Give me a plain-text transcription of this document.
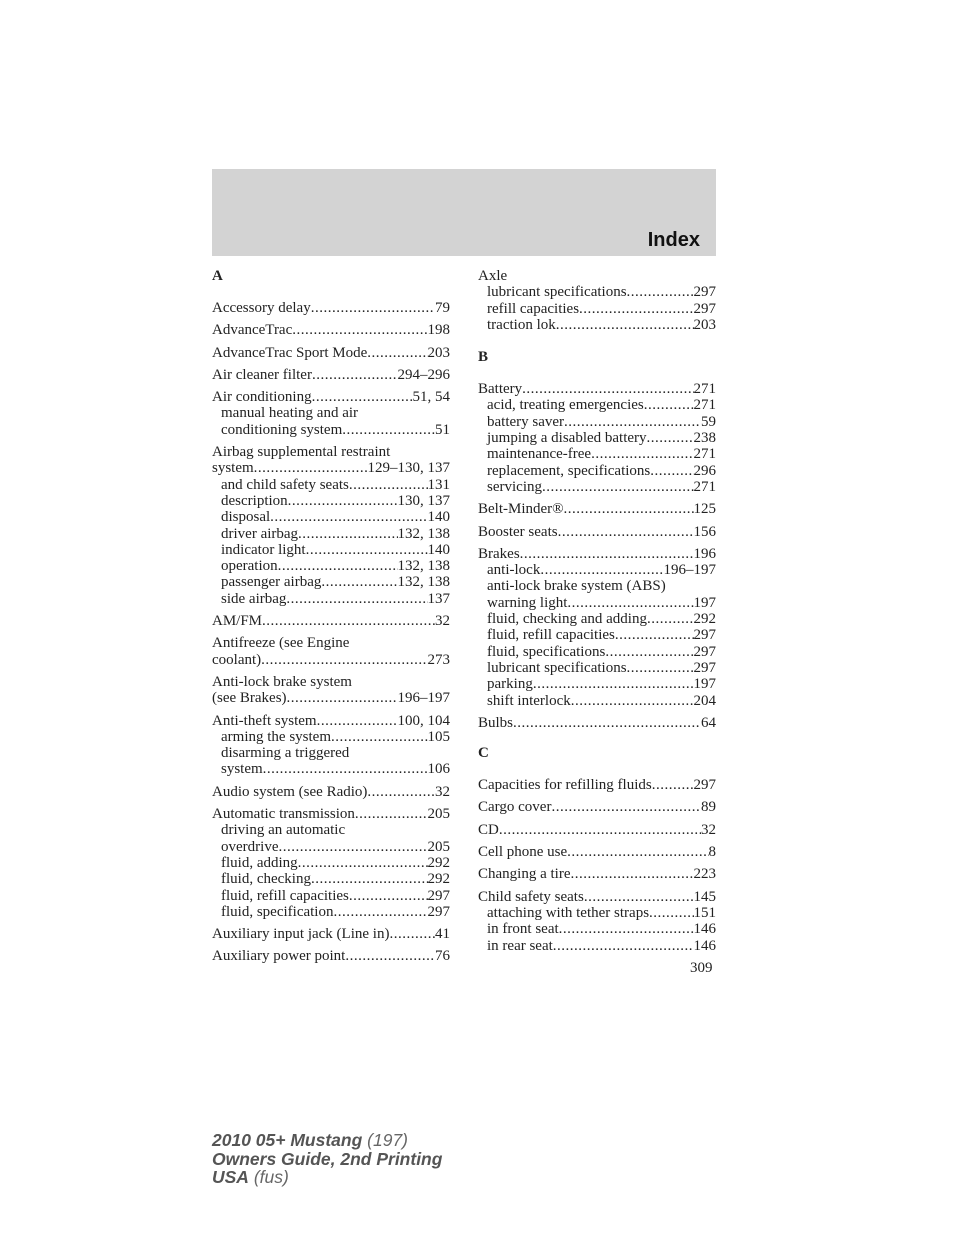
Index
A
Accessory delay .....	79
AdvanceTrac .....	198
AdvanceTrac Sport Mode .....	203
Air cleaner filter .....	294–296
Air conditioning .....	51, 54
manual heating and air
conditioning system .....	51
Airbag supplemental restraint
system .....	129–130, 137
and child safety seats .....	131
description .....	130, 137
disposal .....	140
driver airbag .....	132, 138
indicator light .....	140
operation .....	132, 138
passenger airbag .....	132, 138
side airbag .....	137
AM/FM .....	32
Antifreeze (see Engine
coolant) .....	273
Anti-lock brake system
(see Brakes) .....	196–197
Anti-theft system .....	100, 104
arming the system .....	105
disarming a triggered
system .....	106
Audio system (see Radio) .....	32
Automatic transmission .....	205
driving an automatic
overdrive .....	205
fluid, adding .....	292
fluid, checking .....	292
fluid, refill capacities .....	297
fluid, specification .....	297
Auxiliary input jack (Line in) .....	41
Auxiliary power point .....	76
Axle
lubricant specifications .....	297
refill capacities .....	297
traction lok .....	203
B
Battery .....	271
acid, treating emergencies .....	271
battery saver .....	59
jumping a disabled battery .....	238
maintenance-free .....	271
replacement, specifications .....	296
servicing .....	271
Belt-Minder® .....	125
Booster seats .....	156
Brakes .....	196
anti-lock .....	196–197
anti-lock brake system (ABS)
warning light .....	197
fluid, checking and adding .....	292
fluid, refill capacities .....	297
fluid, specifications .....	297
lubricant specifications .....	297
parking .....	197
shift interlock .....	204
Bulbs .....	64
C
Capacities for refilling fluids .....	297
Cargo cover .....	89
CD .....	32
Cell phone use .....	8
Changing a tire .....	223
Child safety seats .....	145
attaching with tether straps .....	151
in front seat .....	146
in rear seat .....	146
309
2010 05+ Mustang (197)
Owners Guide, 2nd Printing
USA (fus)
